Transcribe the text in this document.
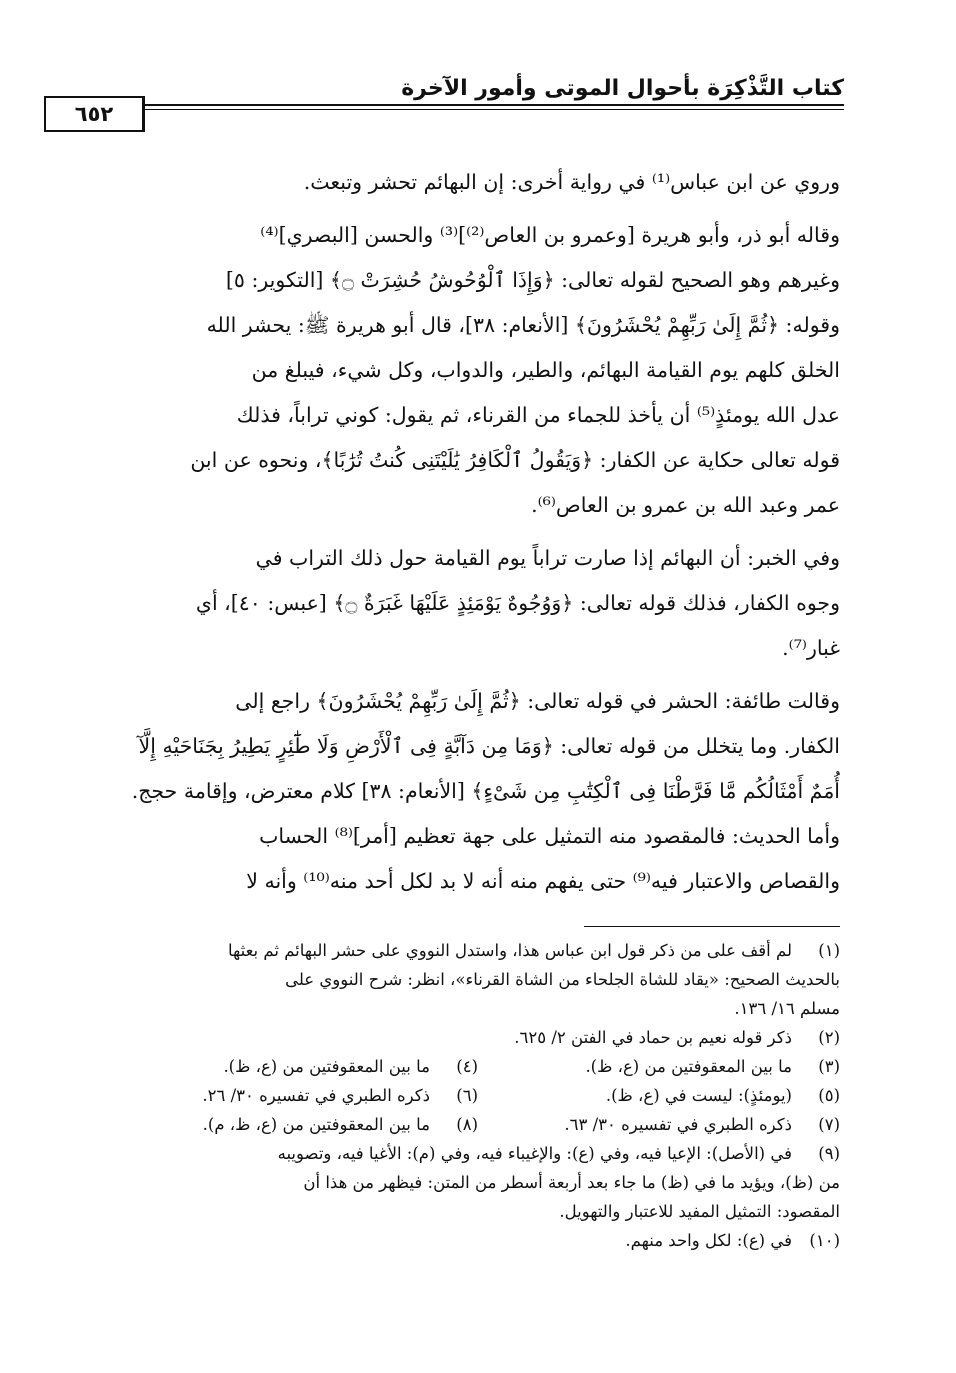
كتاب التَّذْكِرَة بأحوال الموتى وأمور الآخرة
٦٥٢

وروي عن ابن عباس⁽¹⁾ في رواية أخرى: إن البهائم تحشر وتبعث.

وقاله أبو ذر، وأبو هريرة [وعمرو بن العاص⁽²⁾]⁽³⁾ والحسن [البصري]⁽⁴⁾
وغيرهم وهو الصحيح لقوله تعالى: ﴿وَإِذَا ٱلْوُحُوشُ حُشِرَتْ ۝﴾ [التكوير: ٥]
وقوله: ﴿ثُمَّ إِلَىٰ رَبِّهِمْ يُحْشَرُونَ﴾ [الأنعام: ٣٨]، قال أبو هريرة ﷺ: يحشر الله
الخلق كلهم يوم القيامة البهائم، والطير، والدواب، وكل شيء، فيبلغ من
عدل الله يومئذٍ⁽⁵⁾ أن يأخذ للجماء من القرناء، ثم يقول: كوني تراباً، فذلك
قوله تعالى حكاية عن الكفار: ﴿وَيَقُولُ ٱلْكَافِرُ يَٰلَيْتَنِى كُنتُ تُرَٰبًا﴾، ونحوه عن ابن
عمر وعبد الله بن عمرو بن العاص⁽⁶⁾.

وفي الخبر: أن البهائم إذا صارت تراباً يوم القيامة حول ذلك التراب في
وجوه الكفار، فذلك قوله تعالى: ﴿وَوُجُوهٌ يَوْمَئِذٍ عَلَيْهَا غَبَرَةٌ ۝﴾ [عبس: ٤٠]، أي
غبار⁽⁷⁾.

وقالت طائفة: الحشر في قوله تعالى: ﴿ثُمَّ إِلَىٰ رَبِّهِمْ يُحْشَرُونَ﴾ راجع إلى
الكفار. وما يتخلل من قوله تعالى: ﴿وَمَا مِن دَآبَّةٍ فِى ٱلْأَرْضِ وَلَا طَٰٓئِرٍ يَطِيرُ بِجَنَاحَيْهِ إِلَّآ
أُمَمٌ أَمْثَالُكُم مَّا فَرَّطْنَا فِى ٱلْكِتَٰبِ مِن شَىْءٍ﴾ [الأنعام: ٣٨] كلام معترض، وإقامة حجج.
وأما الحديث: فالمقصود منه التمثيل على جهة تعظيم [أمر]⁽⁸⁾ الحساب
والقصاص والاعتبار فيه⁽⁹⁾ حتى يفهم منه أنه لا بد لكل أحد منه⁽¹⁰⁾ وأنه لا

(١)
لم أقف على من ذكر قول ابن عباس هذا، واستدل النووي على حشر البهائم ثم بعثها
بالحديث الصحيح: «يقاد للشاة الجلحاء من الشاة القرناء»، انظر: شرح النووي على
مسلم ١٦/ ١٣٦.
(٢)
ذكر قوله نعيم بن حماد في الفتن ٢/ ٦٢٥.
(٣)
ما بين المعقوفتين من (ع، ظ).
(٤)
ما بين المعقوفتين من (ع، ظ).
(٥)
(يومئذٍ): ليست في (ع، ظ).
(٦)
ذكره الطبري في تفسيره ٣٠/ ٢٦.
(٧)
ذكره الطبري في تفسيره ٣٠/ ٦٣.
(٨)
ما بين المعقوفتين من (ع، ظ، م).
(٩)
في (الأصل): الإعيا فيه، وفي (ع): والإغيباء فيه، وفي (م): الأغيا فيه، وتصويبه
من (ظ)، ويؤيد ما في (ظ) ما جاء بعد أربعة أسطر من المتن: فيظهر من هذا أن
المقصود: التمثيل المفيد للاعتبار والتهويل.
(١٠)
في (ع): لكل واحد منهم.
